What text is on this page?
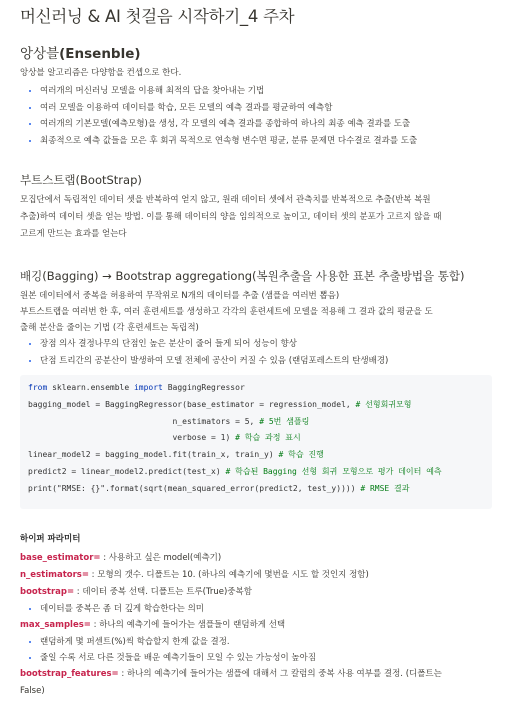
머신러닝 & AI 첫걸음 시작하기_4 주차
앙상블(Ensenble)

앙상블 알고리즘은 다양함을 컨셉으로 한다.

• 여러개의 머신러닝 모델을 이용해 최적의 답을 찾아내는 기법
• 여러 모델을 이용하여 데이터를 학습, 모든 모델의 예측 결과를 평균하여 예측함
• 여러개의 기본모델(예측모형)을 생성, 각 모델의 예측 결과를 종합하여 하나의 최종 예측 결과를 도출
• 최종적으로 예측 값들을 모은 후 회귀 목적으로 연속형 변수면 평균, 분류 문제면 다수결로 결과를 도출
부트스트랩(BootStrap)

모집단에서 독립적인 데이터 셋을 반복하여 얻지 않고, 원래 데이터 셋에서 관측치를 반복적으로 추출(반복 복원

추출)하여 데이터 셋을 얻는 방법. 이를 통해 데이터의 양을 임의적으로 높이고, 데이터 셋의 분포가 고르지 않을 때

고르게 만드는 효과를 얻는다

배깅(Bagging) → Bootstrap aggregationg(복원추출을 사용한 표본 추출방법을 통합)

원본 데이터에서 중복을 허용하여 무작위로 N개의 데이터를 추출 (샘플을 여러번 뽑음)

부트스트랩을 여러번 한 후, 여러 훈련세트를 생성하고 각각의 훈련세트에 모델을 적용해 그 결과 값의 평균을 도

출해 분산을 줄이는 기법 (각 훈련세트는 독립적)

• 장점 의사 결정나무의 단점인 높은 분산이 줄어 들게 되어 성능이 향상
• 단점 트리간의 공분산이 발생하여 모델 전체에 공산이 커질 수 있음 (랜덤포레스트의 탄생배경)
from sklearn.ensemble import BaggingRegressor
bagging_model = BaggingRegressor(base_estimator = regression_model, # 선형회귀모형
n_estimators = 5, # 5번 샘플링
verbose = 1) # 학습 과정 표시
linear_model2 = bagging_model.fit(train_x, train_y) # 학습 진행
predict2 = linear_model2.predict(test_x) # 학습된 Bagging 선형 회귀 모형으로 평가 데이터 예측
print("RMSE: {}".format(sqrt(mean_squared_error(predict2, test_y)))) # RMSE 결과

하이퍼 파라미터

base_estimator= : 사용하고 싶은 model(예측기)

n_estimators= : 모형의 갯수. 디폴트는 10. (하나의 예측기에 몇번을 시도 할 것인지 정함)

bootstrap= : 데이터 중복 선택. 디폴트는 트루(True)중복함

• 데이터를 중복은 좀 더 깊게 학습한다는 의미

max_samples= : 하나의 예측기에 들어가는 샘플들이 랜덤하게 선택

• 랜덤하게 몇 퍼센트(%)씩 학습할지 한계 값을 결정.
• 줄일 수록 서로 다른 것들을 배운 예측기들이 모일 수 있는 가능성이 높아짐

bootstrap_features= : 하나의 예측기에 들어가는 샘플에 대해서 그 칼럼의 중복 사용 여부를 결정. (디폴트는

False)
